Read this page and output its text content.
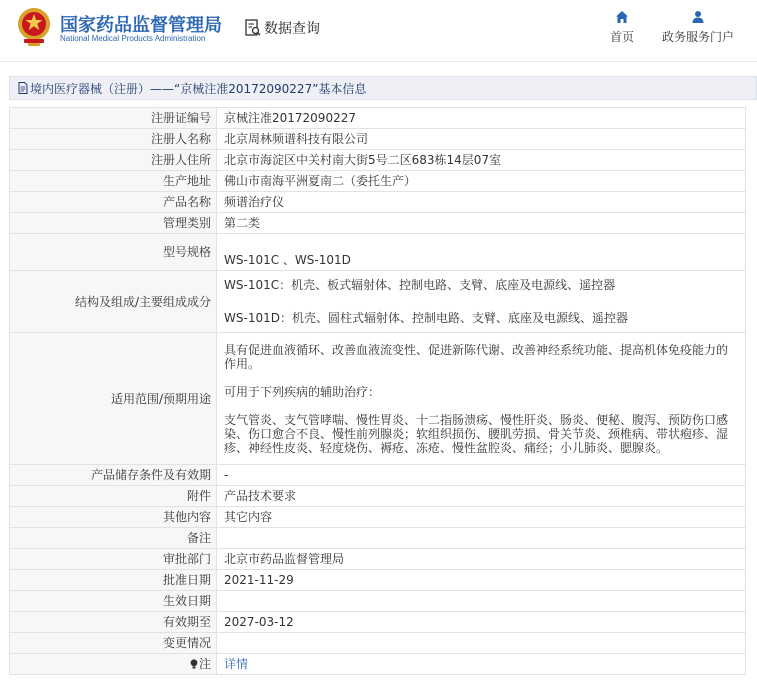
国家药品监督管理局
National Medical Products Administration
数据查询	首页	政务服务门户
境内医疗器械（注册）——“京械注准20172090227”基本信息
注册证编号	京械注准20172090227
注册人名称	北京周林频谱科技有限公司
注册人住所	北京市海淀区中关村南大街5号二区683栋14层07室
生产地址	佛山市南海平洲夏南二（委托生产）
产品名称	频谱治疗仪
管理类别	第二类
型号规格	WS-101C 、WS-101D
结构及组成/主要组成成分	WS-101C：机壳、板式辐射体、控制电路、支臂、底座及电源线、遥控器
WS-101D：机壳、圆柱式辐射体、控制电路、支臂、底座及电源线、遥控器

适用范围/预期用途	具有促进血液循环、改善血液流变性、促进新陈代谢、改善神经系统功能、提高机体免疫能力的作用。

可用于下列疾病的辅助治疗：

支气管炎、支气管哮喘、慢性胃炎、十二指肠溃疡、慢性肝炎、肠炎、便秘、腹泻、预防伤口感染、伤口愈合不良、慢性前列腺炎；软组织损伤、腰肌劳损、骨关节炎、颈椎病、带状疱疹、湿疹、神经性皮炎、轻度烧伤、褥疮、冻疮、慢性盆腔炎、痛经；小儿肺炎、腮腺炎。

产品储存条件及有效期	-
附件	产品技术要求
其他内容	其它内容
备注	
审批部门	北京市药品监督管理局
批准日期	2021-11-29
生效日期	
有效期至	2027-03-12
变更情况	
注	详情
